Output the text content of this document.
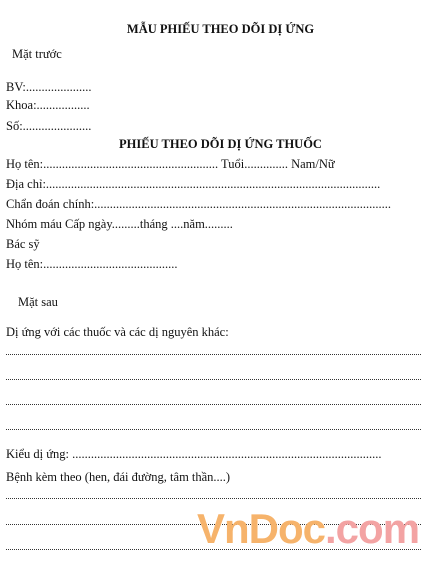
MẪU PHIẾU THEO DÕI DỊ ỨNG
Mặt trước
BV:.....................
Khoa:.................
Số:......................
PHIẾU THEO DÕI DỊ ỨNG THUỐC
Họ tên:........................................................ Tuổi.............. Nam/Nữ
Địa chỉ:...........................................................................................................
Chẩn đoán chính:...............................................................................................
Nhóm máu Cấp ngày.........tháng ....năm.........
Bác sỹ
Họ tên:...........................................
Mặt sau
Dị ứng với các thuốc và các dị nguyên khác:
Kiểu dị ứng: ...................................................................................................
Bệnh kèm theo (hen, đái đường, tâm thần....)
VnDoc.com
